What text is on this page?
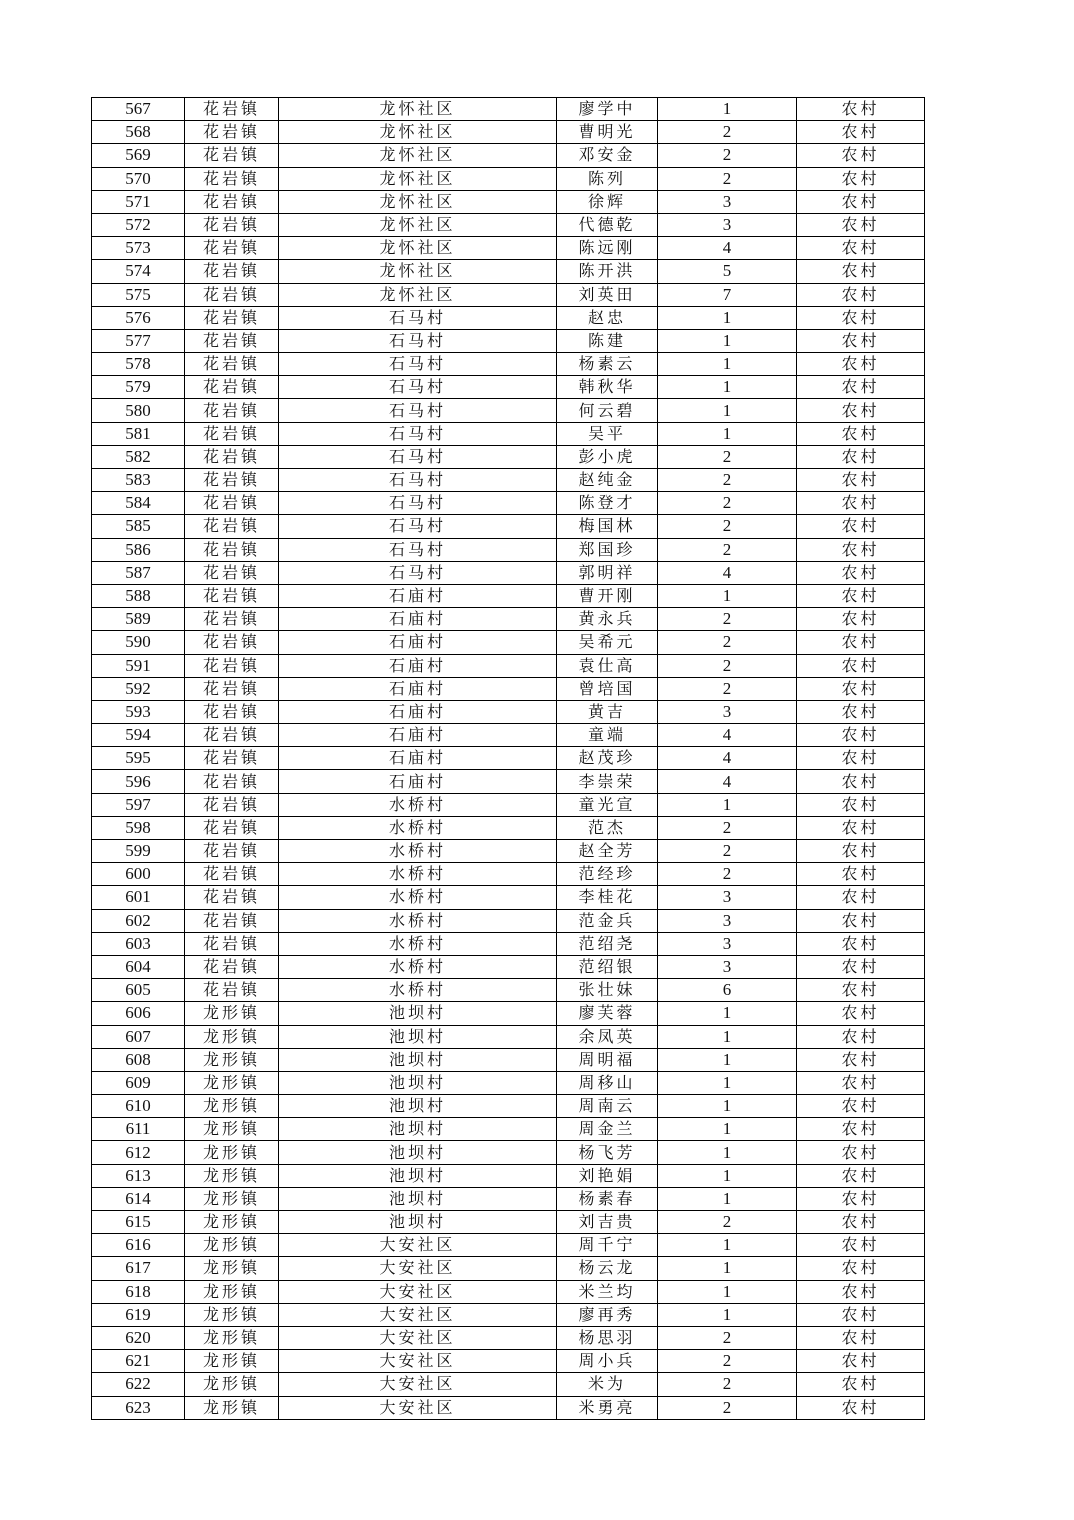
567	花岩镇	龙怀社区	廖学中	1	农村
568	花岩镇	龙怀社区	曹明光	2	农村
569	花岩镇	龙怀社区	邓安金	2	农村
570	花岩镇	龙怀社区	陈列	2	农村
571	花岩镇	龙怀社区	徐辉	3	农村
572	花岩镇	龙怀社区	代德乾	3	农村
573	花岩镇	龙怀社区	陈远刚	4	农村
574	花岩镇	龙怀社区	陈开洪	5	农村
575	花岩镇	龙怀社区	刘英田	7	农村
576	花岩镇	石马村	赵忠	1	农村
577	花岩镇	石马村	陈建	1	农村
578	花岩镇	石马村	杨素云	1	农村
579	花岩镇	石马村	韩秋华	1	农村
580	花岩镇	石马村	何云碧	1	农村
581	花岩镇	石马村	吴平	1	农村
582	花岩镇	石马村	彭小虎	2	农村
583	花岩镇	石马村	赵纯金	2	农村
584	花岩镇	石马村	陈登才	2	农村
585	花岩镇	石马村	梅国林	2	农村
586	花岩镇	石马村	郑国珍	2	农村
587	花岩镇	石马村	郭明祥	4	农村
588	花岩镇	石庙村	曹开刚	1	农村
589	花岩镇	石庙村	黄永兵	2	农村
590	花岩镇	石庙村	吴希元	2	农村
591	花岩镇	石庙村	袁仕高	2	农村
592	花岩镇	石庙村	曾培国	2	农村
593	花岩镇	石庙村	黄吉	3	农村
594	花岩镇	石庙村	童端	4	农村
595	花岩镇	石庙村	赵茂珍	4	农村
596	花岩镇	石庙村	李崇荣	4	农村
597	花岩镇	水桥村	童光宣	1	农村
598	花岩镇	水桥村	范杰	2	农村
599	花岩镇	水桥村	赵全芳	2	农村
600	花岩镇	水桥村	范经珍	2	农村
601	花岩镇	水桥村	李桂花	3	农村
602	花岩镇	水桥村	范金兵	3	农村
603	花岩镇	水桥村	范绍尧	3	农村
604	花岩镇	水桥村	范绍银	3	农村
605	花岩镇	水桥村	张壮妹	6	农村
606	龙形镇	池坝村	廖芙蓉	1	农村
607	龙形镇	池坝村	余凤英	1	农村
608	龙形镇	池坝村	周明福	1	农村
609	龙形镇	池坝村	周移山	1	农村
610	龙形镇	池坝村	周南云	1	农村
611	龙形镇	池坝村	周金兰	1	农村
612	龙形镇	池坝村	杨飞芳	1	农村
613	龙形镇	池坝村	刘艳娟	1	农村
614	龙形镇	池坝村	杨素春	1	农村
615	龙形镇	池坝村	刘吉贵	2	农村
616	龙形镇	大安社区	周千宁	1	农村
617	龙形镇	大安社区	杨云龙	1	农村
618	龙形镇	大安社区	米兰均	1	农村
619	龙形镇	大安社区	廖再秀	1	农村
620	龙形镇	大安社区	杨思羽	2	农村
621	龙形镇	大安社区	周小兵	2	农村
622	龙形镇	大安社区	米为	2	农村
623	龙形镇	大安社区	米勇亮	2	农村
